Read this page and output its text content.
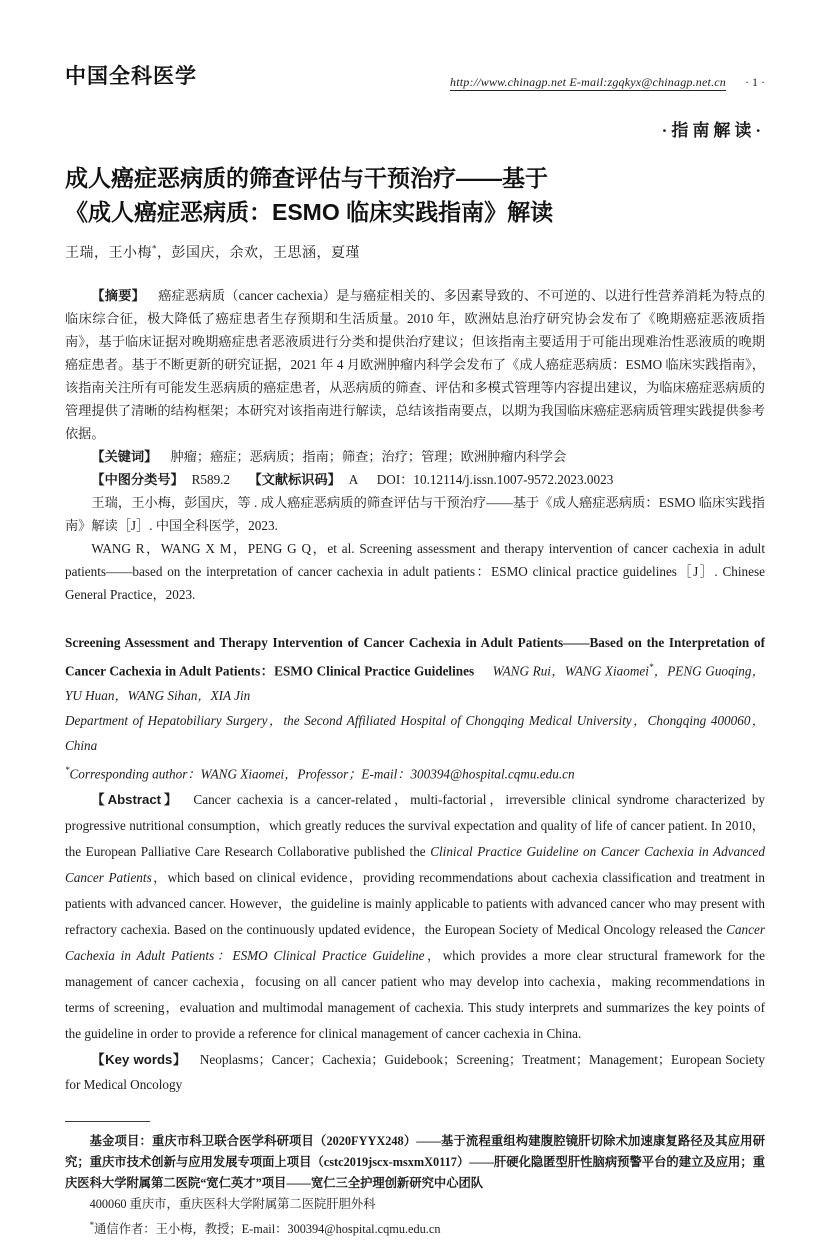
中国全科医学	http://www.chinagp.net E-mail:zgqkyx@chinagp.net.cn · 1 ·
·指南解读·
成人癌症恶病质的筛查评估与干预治疗——基于
《成人癌症恶病质：ESMO 临床实践指南》解读
王瑞，王小梅*，彭国庆，余欢，王思涵，夏瑾

【摘要】 癌症恶病质（cancer cachexia）是与癌症相关的、多因素导致的、不可逆的、以进行性营养消耗为特点的临床综合征，极大降低了癌症患者生存预期和生活质量。2010 年，欧洲姑息治疗研究协会发布了《晚期癌症恶液质指南》，基于临床证据对晚期癌症患者恶液质进行分类和提供治疗建议；但该指南主要适用于可能出现难治性恶液质的晚期癌症患者。基于不断更新的研究证据，2021 年 4 月欧洲肿瘤内科学会发布了《成人癌症恶病质：ESMO 临床实践指南》，该指南关注所有可能发生恶病质的癌症患者，从恶病质的筛查、评估和多模式管理等内容提出建议，为临床癌症恶病质的管理提供了清晰的结构框架；本研究对该指南进行解读，总结该指南要点，以期为我国临床癌症恶病质管理实践提供参考依据。

【关键词】 肿瘤；癌症；恶病质；指南；筛查；治疗；管理；欧洲肿瘤内科学会

【中图分类号】 R589.2 【文献标识码】 A DOI：10.12114/j.issn.1007-9572.2023.0023

王瑞，王小梅，彭国庆，等 . 成人癌症恶病质的筛查评估与干预治疗——基于《成人癌症恶病质：ESMO 临床实践指南》解读［J］. 中国全科医学，2023.

WANG R，WANG X M，PENG G Q，et al. Screening assessment and therapy intervention of cancer cachexia in adult patients——based on the interpretation of cancer cachexia in adult patients：ESMO clinical practice guidelines［J］. Chinese General Practice，2023.

Screening Assessment and Therapy Intervention of Cancer Cachexia in Adult Patients——Based on the Interpretation of Cancer Cachexia in Adult Patients：ESMO Clinical Practice Guidelines WANG Rui，WANG Xiaomei*，PENG Guoqing，YU Huan，WANG Sihan，XIA Jin

Department of Hepatobiliary Surgery，the Second Affiliated Hospital of Chongqing Medical University，Chongqing 400060，China

*Corresponding author：WANG Xiaomei，Professor；E-mail：300394@hospital.cqmu.edu.cn

【Abstract】 Cancer cachexia is a cancer-related，multi-factorial，irreversible clinical syndrome characterized by progressive nutritional consumption，which greatly reduces the survival expectation and quality of life of cancer patient. In 2010，the European Palliative Care Research Collaborative published the Clinical Practice Guideline on Cancer Cachexia in Advanced Cancer Patients，which based on clinical evidence，providing recommendations about cachexia classification and treatment in patients with advanced cancer. However，the guideline is mainly applicable to patients with advanced cancer who may present with refractory cachexia. Based on the continuously updated evidence，the European Society of Medical Oncology released the Cancer Cachexia in Adult Patients：ESMO Clinical Practice Guideline，which provides a more clear structural framework for the management of cancer cachexia，focusing on all cancer patient who may develop into cachexia，making recommendations in terms of screening，evaluation and multimodal management of cachexia. This study interprets and summarizes the key points of the guideline in order to provide a reference for clinical management of cancer cachexia in China.

【Key words】 Neoplasms；Cancer；Cachexia；Guidebook；Screening；Treatment；Management；European Society for Medical Oncology

基金项目：重庆市科卫联合医学科研项目（2020FYYX248）——基于流程重组构建腹腔镜肝切除术加速康复路径及其应用研究；重庆市技术创新与应用发展专项面上项目（cstc2019jscx-msxmX0117）——肝硬化隐匿型肝性脑病预警平台的建立及应用；重庆医科大学附属第二医院“宽仁英才”项目——宽仁三全护理创新研究中心团队

400060 重庆市，重庆医科大学附属第二医院肝胆外科

*通信作者：王小梅，教授；E-mail：300394@hospital.cqmu.edu.cn
